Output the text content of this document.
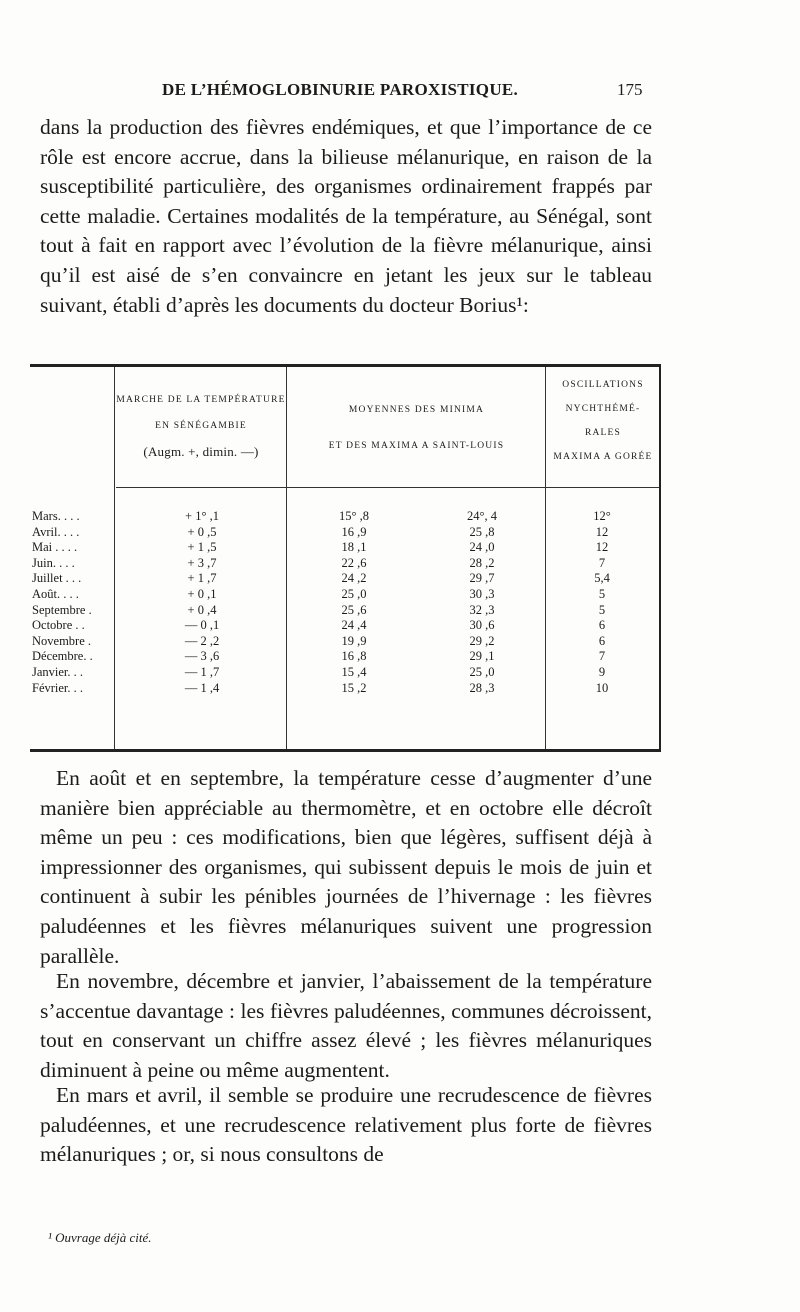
DE L’HÉMOGLOBINURIE PAROXISTIQUE.	175

dans la production des fièvres endémiques, et que l’importance de ce rôle est encore accrue, dans la bilieuse mélanurique, en raison de la susceptibilité particulière, des organismes ordinairement frappés par cette maladie. Certaines modalités de la température, au Sénégal, sont tout à fait en rapport avec l’évolution de la fièvre mélanurique, ainsi qu’il est aisé de s’en convaincre en jetant les jeux sur le tableau suivant, établi d’après les documents du docteur Borius¹:

MARCHE DE LA TEMPÉRATURE
EN SÉNÉGAMBIE
(Augm. +, dimin. —)
MOYENNES DES MINIMA
ET DES MAXIMA A SAINT-LOUIS
OSCILLATIONS
NYCHTHÉMÉ-
RALES
MAXIMA A GORÉE
Mars. . . .	+ 1° ,1	15° ,8	24°, 4	12°
Avril. . . .	+ 0 ,5	16 ,9	25 ,8	12
Mai . . . .	+ 1 ,5	18 ,1	24 ,0	12
Juin. . . .	+ 3 ,7	22 ,6	28 ,2	7
Juillet . . .	+ 1 ,7	24 ,2	29 ,7	5,4
Août. . . .	+ 0 ,1	25 ,0	30 ,3	5
Septembre .	+ 0 ,4	25 ,6	32 ,3	5
Octobre . .	— 0 ,1	24 ,4	30 ,6	6
Novembre .	— 2 ,2	19 ,9	29 ,2	6
Décembre. .	— 3 ,6	16 ,8	29 ,1	7
Janvier. . .	— 1 ,7	15 ,4	25 ,0	9
Février. . .	— 1 ,4	15 ,2	28 ,3	10

En août et en septembre, la température cesse d’augmenter d’une manière bien appréciable au thermomètre, et en octobre elle décroît même un peu : ces modifications, bien que légères, suffisent déjà à impressionner des organismes, qui subissent depuis le mois de juin et continuent à subir les pénibles journées de l’hivernage : les fièvres paludéennes et les fièvres mélanuriques suivent une progression parallèle.

En novembre, décembre et janvier, l’abaissement de la température s’accentue davantage : les fièvres paludéennes, communes décroissent, tout en conservant un chiffre assez élevé ; les fièvres mélanuriques diminuent à peine ou même augmentent.

En mars et avril, il semble se produire une recrudescence de fièvres paludéennes, et une recrudescence relativement plus forte de fièvres mélanuriques ; or, si nous consultons de

¹ Ouvrage déjà cité.
